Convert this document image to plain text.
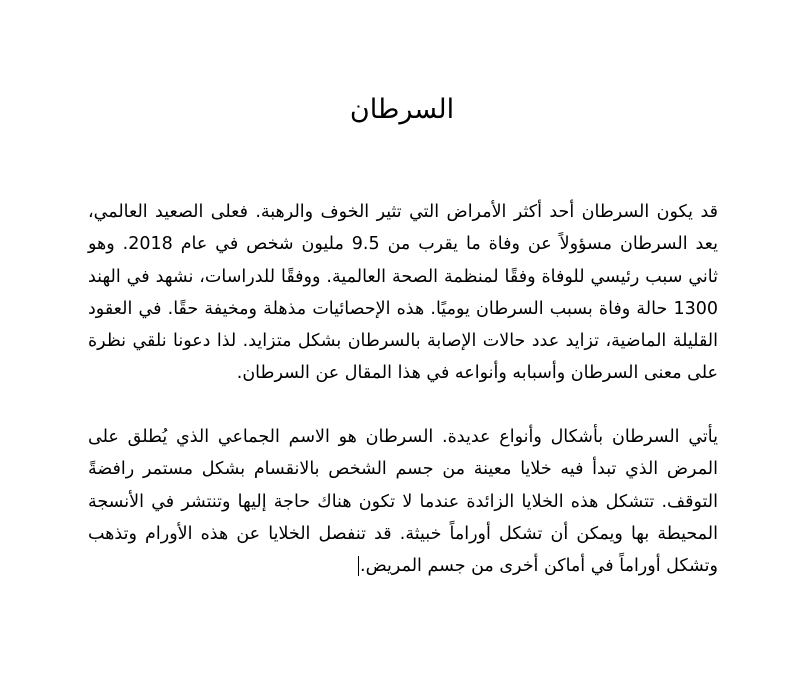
السرطان

قد يكون السرطان أحد أكثر الأمراض التي تثير الخوف والرهبة. فعلى الصعيد العالمي، يعد السرطان مسؤولاً عن وفاة ما يقرب من 9.5 مليون شخص في عام 2018. وهو ثاني سبب رئيسي للوفاة وفقًا لمنظمة الصحة العالمية. ووفقًا للدراسات، نشهد في الهند 1300 حالة وفاة بسبب السرطان يوميًا. هذه الإحصائيات مذهلة ومخيفة حقًا. في العقود القليلة الماضية، تزايد عدد حالات الإصابة بالسرطان بشكل متزايد. لذا دعونا نلقي نظرة على معنى السرطان وأسبابه وأنواعه في هذا المقال عن السرطان.

يأتي السرطان بأشكال وأنواع عديدة. السرطان هو الاسم الجماعي الذي يُطلق على المرض الذي تبدأ فيه خلايا معينة من جسم الشخص بالانقسام بشكل مستمر رافضةً التوقف. تتشكل هذه الخلايا الزائدة عندما لا تكون هناك حاجة إليها وتنتشر في الأنسجة المحيطة بها ويمكن أن تشكل أوراماً خبيثة. قد تنفصل الخلايا عن هذه الأورام وتذهب وتشكل أوراماً في أماكن أخرى من جسم المريض.
